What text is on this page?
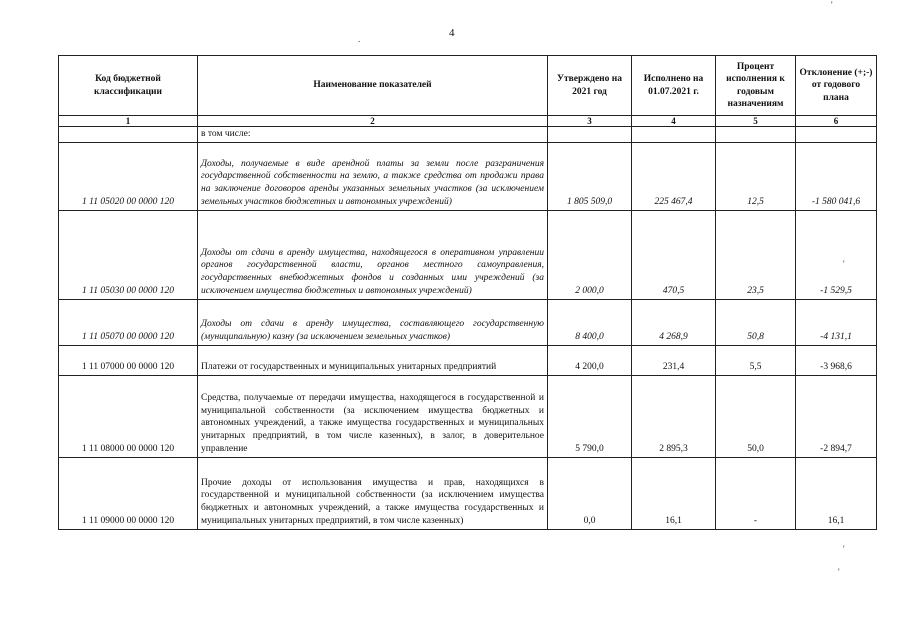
4
'
.
'
'
'
Код бюджетной классификации	Наименование показателей	Утверждено на 2021 год	Исполнено на 01.07.2021 г.	Процент исполнения к годовым назначениям	Отклонение (+;-) от годового плана
1	2	3	4	5	6
	в том числе:				
1 11 05020 00 0000 120	Доходы, получаемые в виде арендной платы за земли после разграничения государственной собственности на землю, а также средства от продажи права на заключение договоров аренды указанных земельных участков (за исключением земельных участков бюджетных и автономных учреждений)	1 805 509,0	225 467,4	12,5	-1 580 041,6
1 11 05030 00 0000 120	Доходы от сдачи в аренду имущества, находящегося в оперативном управлении органов государственной власти, органов местного самоуправления, государственных внебюджетных фондов и созданных ими учреждений (за исключением имущества бюджетных и автономных учреждений)	2 000,0	470,5	23,5	-1 529,5
1 11 05070 00 0000 120	Доходы от сдачи в аренду имущества, составляющего государственную (муниципальную) казну (за исключением земельных участков)	8 400,0	4 268,9	50,8	-4 131,1
1 11 07000 00 0000 120	Платежи от государственных и муниципальных унитарных предприятий	4 200,0	231,4	5,5	-3 968,6
1 11 08000 00 0000 120	Средства, получаемые от передачи имущества, находящегося в государственной и муниципальной собственности (за исключением имущества бюджетных и автономных учреждений, а также имущества государственных и муниципальных унитарных предприятий, в том числе казенных), в залог, в доверительное управление	5 790,0	2 895,3	50,0	-2 894,7
1 11 09000 00 0000 120	Прочие доходы от использования имущества и прав, находящихся в государственной и муниципальной собственности (за исключением имущества бюджетных и автономных учреждений, а также имущества государственных и муниципальных унитарных предприятий, в том числе казенных)	0,0	16,1	-	16,1
